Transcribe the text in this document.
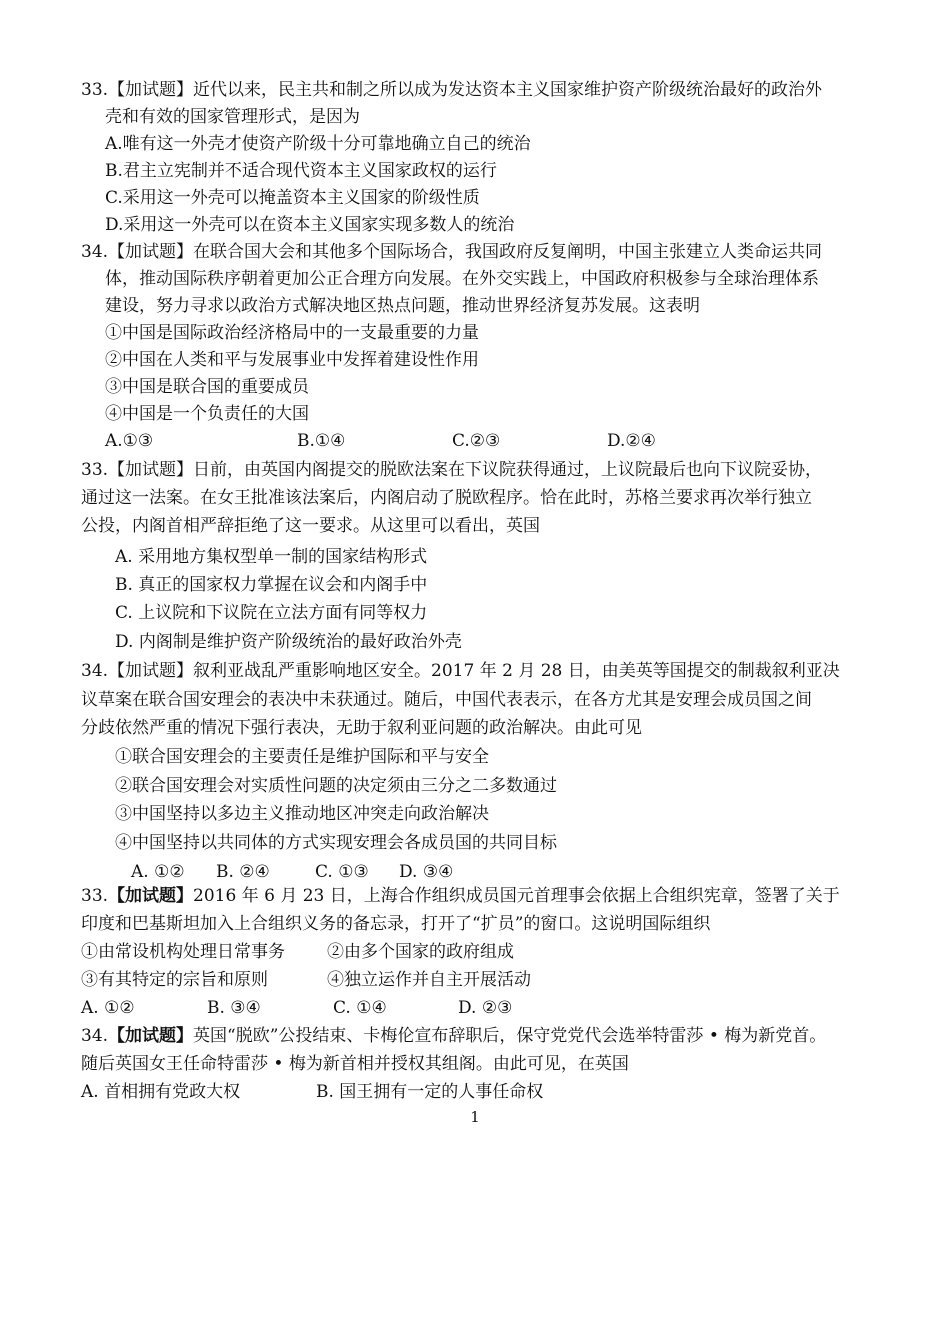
33.【加试题】近代以来，民主共和制之所以成为发达资本主义国家维护资产阶级统治最好的政治外
壳和有效的国家管理形式，是因为
A.唯有这一外壳才使资产阶级十分可靠地确立自己的统治
B.君主立宪制并不适合现代资本主义国家政权的运行
C.采用这一外壳可以掩盖资本主义国家的阶级性质
D.采用这一外壳可以在资本主义国家实现多数人的统治
34.【加试题】在联合国大会和其他多个国际场合，我国政府反复阐明，中国主张建立人类命运共同
体，推动国际秩序朝着更加公正合理方向发展。在外交实践上，中国政府积极参与全球治理体系
建设，努力寻求以政治方式解决地区热点问题，推动世界经济复苏发展。这表明
①中国是国际政治经济格局中的一支最重要的力量
②中国在人类和平与发展事业中发挥着建设性作用
③中国是联合国的重要成员
④中国是一个负责任的大国
A.①③	B.①④	C.②③	D.②④
33.【加试题】日前，由英国内阁提交的脱欧法案在下议院获得通过，上议院最后也向下议院妥协，
通过这一法案。在女王批准该法案后，内阁启动了脱欧程序。恰在此时，苏格兰要求再次举行独立
公投，内阁首相严辞拒绝了这一要求。从这里可以看出，英国
A. 采用地方集权型单一制的国家结构形式
B. 真正的国家权力掌握在议会和内阁手中
C. 上议院和下议院在立法方面有同等权力
D. 内阁制是维护资产阶级统治的最好政治外壳
34.【加试题】叙利亚战乱严重影响地区安全。2017 年 2 月 28 日，由美英等国提交的制裁叙利亚决
议草案在联合国安理会的表决中未获通过。随后，中国代表表示，在各方尤其是安理会成员国之间
分歧依然严重的情况下强行表决，无助于叙利亚问题的政治解决。由此可见
①联合国安理会的主要责任是维护国际和平与安全
②联合国安理会对实质性问题的决定须由三分之二多数通过
③中国坚持以多边主义推动地区冲突走向政治解决
④中国坚持以共同体的方式实现安理会各成员国的共同目标
A. ①② B. ②④	C. ①③ D. ③④
33.【加试题】2016 年 6 月 23 日，上海合作组织成员国元首理事会依据上合组织宪章，签署了关于
印度和巴基斯坦加入上合组织义务的备忘录，打开了“扩员”的窗口。这说明国际组织
①由常设机构处理日常事务 ②由多个国家的政府组成
③有其特定的宗旨和原则	④独立运作并自主开展活动
A. ①②	B. ③④	C. ①④	D. ②③
34.【加试题】英国“脱欧”公投结束、卡梅伦宣布辞职后，保守党党代会选举特雷莎 • 梅为新党首。
随后英国女王任命特雷莎 • 梅为新首相并授权其组阁。由此可见，在英国
A. 首相拥有党政大权	B. 国王拥有一定的人事任命权
1
